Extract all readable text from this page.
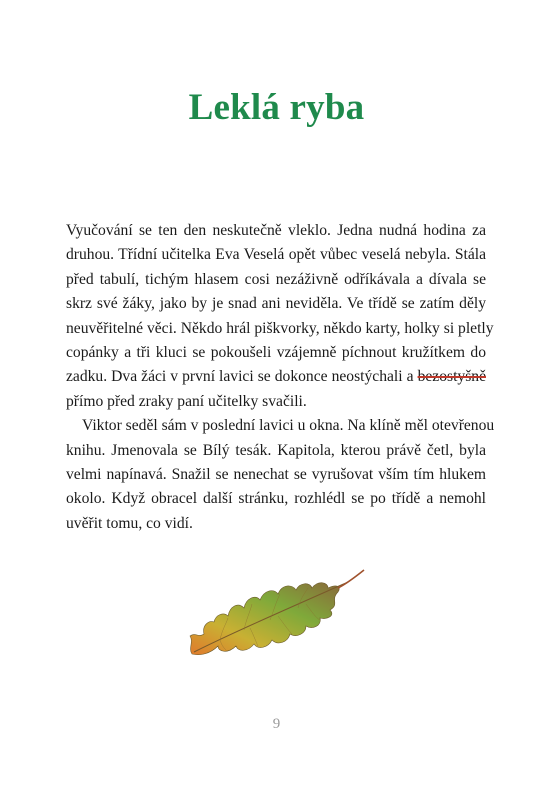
Leklá ryba

Vyučování se ten den neskutečně vleklo. Jedna nudná hodina za
druhou. Třídní učitelka Eva Veselá opět vůbec veselá nebyla. Stála
před tabulí, tichým hlasem cosi nezáživně odříkávala a dívala se
skrz své žáky, jako by je snad ani neviděla. Ve třídě se zatím děly
neuvěřitelné věci. Někdo hrál piškvorky, někdo karty, holky si pletly
copánky a tři kluci se pokoušeli vzájemně píchnout kružítkem do
zadku. Dva žáci v první lavici se dokonce neostýchali a bezostyšně
přímo před zraky paní učitelky svačili.

Viktor seděl sám v poslední lavici u okna. Na klíně měl otevřenou
knihu. Jmenovala se Bílý tesák. Kapitola, kterou právě četl, byla
velmi napínavá. Snažil se nenechat se vyrušovat vším tím hlukem
okolo. Když obracel další stránku, rozhlédl se po třídě a nemohl
uvěřit tomu, co vidí.

9
